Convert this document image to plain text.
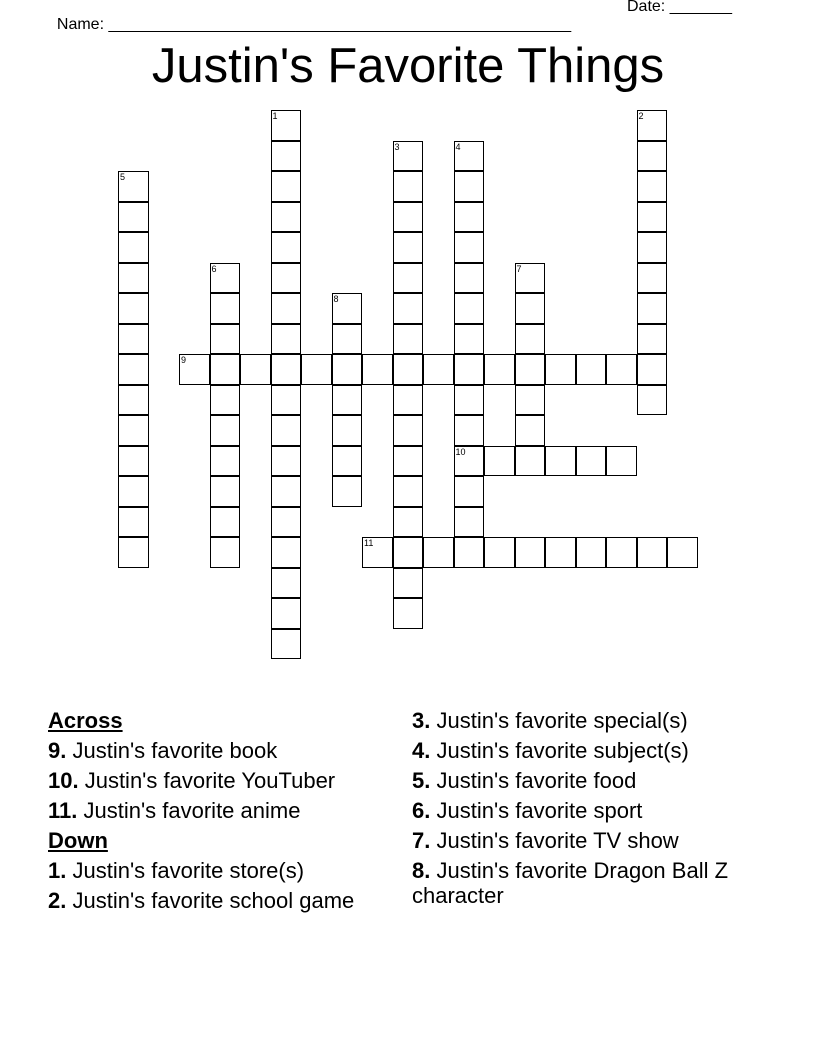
Name: ____________________________________________________

Date: _______

Justin's Favorite Things
1	2
3	4
10
5
6	7
8
9
11
Across
9. Justin's favorite book
10. Justin's favorite YouTuber
11. Justin's favorite anime
Down
1. Justin's favorite store(s)
2. Justin's favorite school game
3. Justin's favorite special(s)
4. Justin's favorite subject(s)
5. Justin's favorite food
6. Justin's favorite sport
7. Justin's favorite TV show
8. Justin's favorite Dragon Ball Z character
